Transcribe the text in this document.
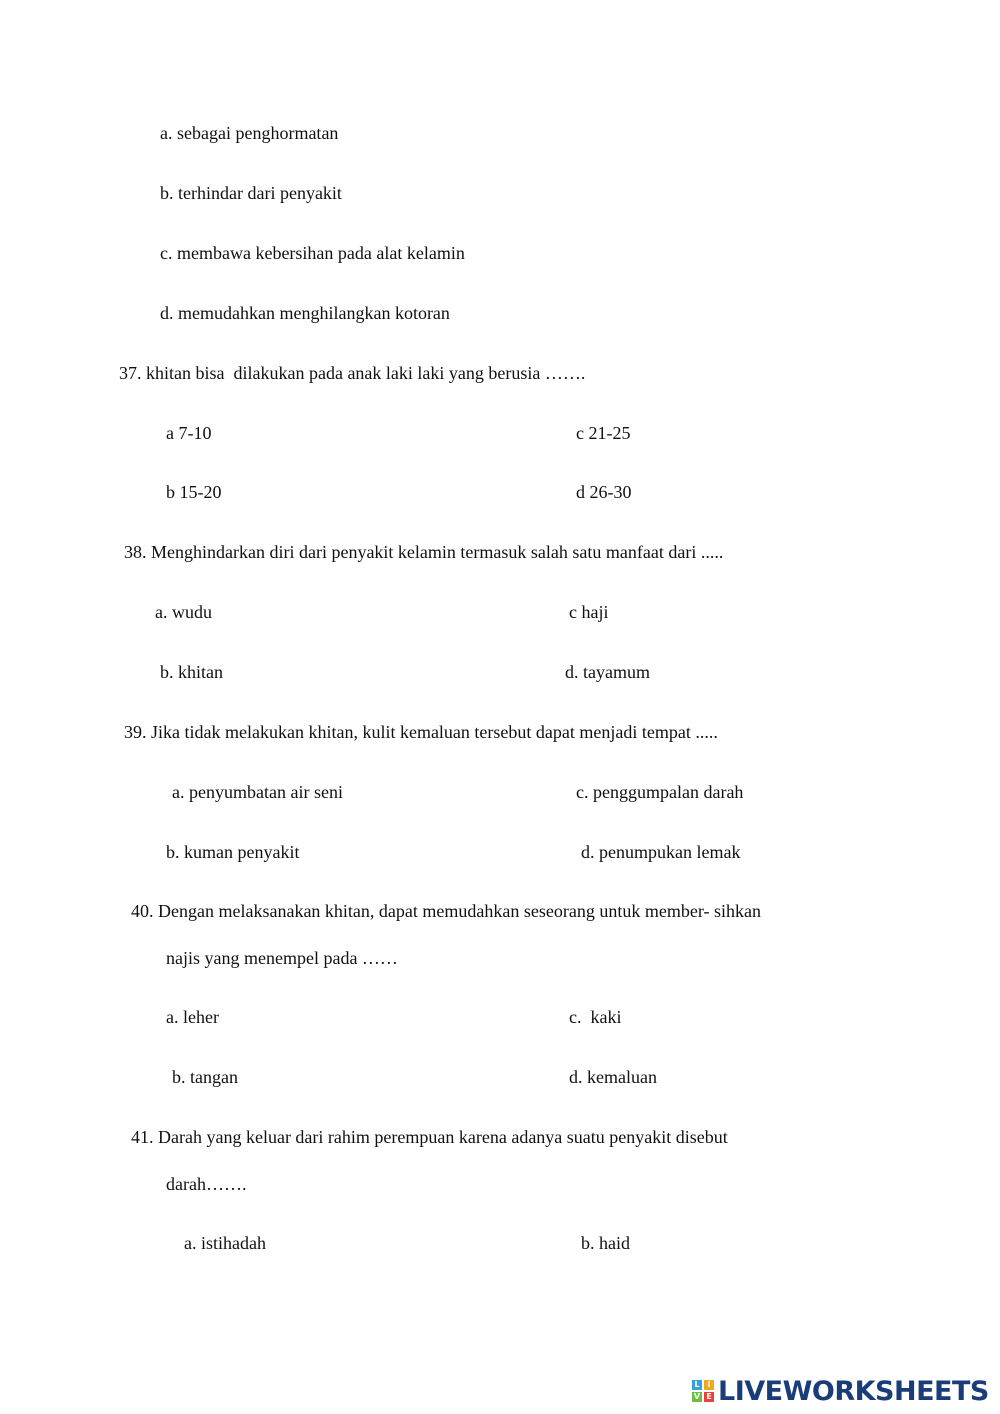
a. sebagai penghormatan
b. terhindar dari penyakit
c. membawa kebersihan pada alat kelamin
d. memudahkan menghilangkan kotoran
37. khitan bisa  dilakukan pada anak laki laki yang berusia …….
a 7-10	c 21-25
b 15-20	d 26-30
38. Menghindarkan diri dari penyakit kelamin termasuk salah satu manfaat dari .....
a. wudu	c haji
b. khitan	d. tayamum
39. Jika tidak melakukan khitan, kulit kemaluan tersebut dapat menjadi tempat .....
a. penyumbatan air seni	c. penggumpalan darah
b. kuman penyakit	d. penumpukan lemak
40. Dengan melaksanakan khitan, dapat memudahkan seseorang untuk member- sihkan
najis yang menempel pada ……
a. leher	c.  kaki
b. tangan	d. kemaluan
41. Darah yang keluar dari rahim perempuan karena adanya suatu penyakit disebut
darah…….
a. istihadah	b. haid
L I
V E LIVEWORKSHEETS
